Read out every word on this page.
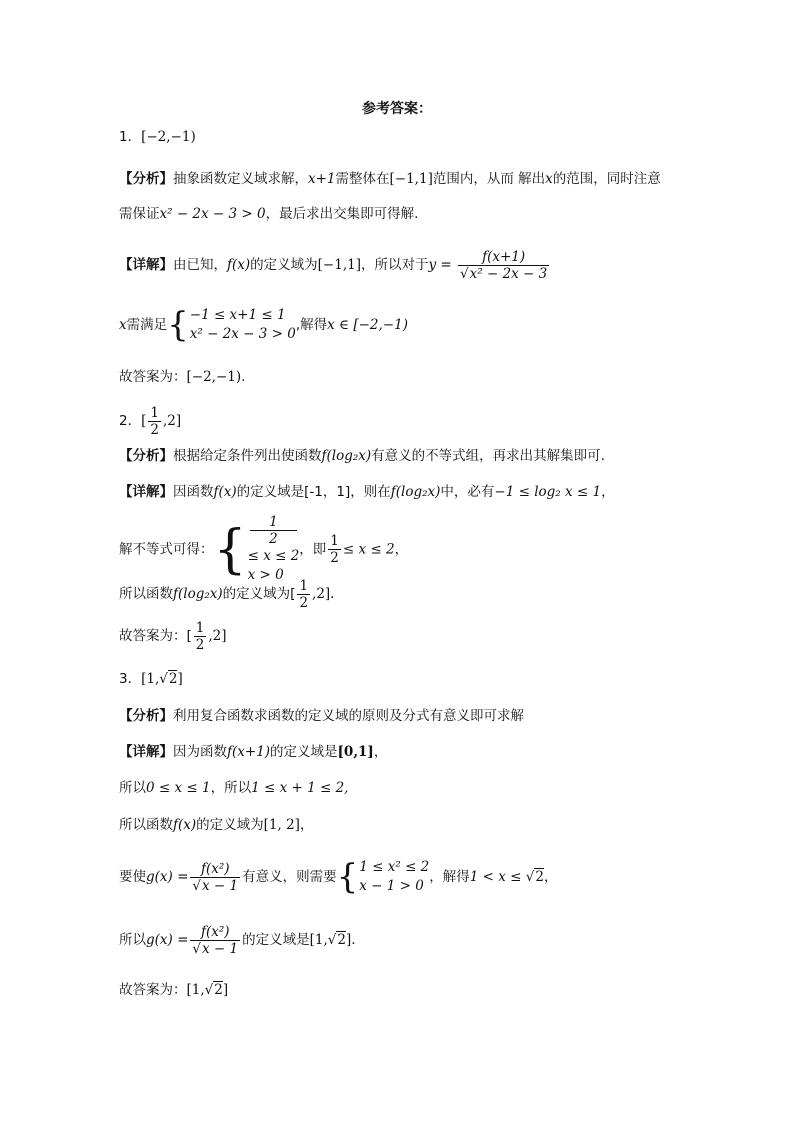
参考答案：
1．[−2,−1)
【分析】抽象函数定义域求解，x+1需整体在[−1,1]范围内，从而 解出x的范围，同时注意
需保证x² − 2x − 3 > 0，最后求出交集即可得解.
【详解】由已知，f(x)的定义域为[−1,1]，所以对于$y = \frac{f(x+1)}{\text{√x² − 2x − 3}}$
x需满足{ −1 ≤ x+1 ≤ 1
x² − 2x − 3 > 0
,解得x ∈ [−2,−1)
故答案为：[−2,−1).
2．[ $\frac{1}{2} ,2$]
【分析】根据给定条件列出使函数f(log₂x)有意义的不等式组，再求出其解集即可.
【详解】因函数f(x)的定义域是[-1，1]，则在f(log₂x)中，必有−1 ≤ log₂ x ≤ 1，
解不等式可得：{	1
2
≤ x ≤ 2
x > 0
，即 $\frac{1}{2} \le x \le 2$，
所以函数f(log₂x)的定义域为[ $\frac{1}{2} ,2$].
故答案为：[ $\frac{1}{2} ,2$]
3．[1,√2]
【分析】利用复合函数求函数的定义域的原则及分式有意义即可求解
【详解】因为函数f(x+1)的定义域是[0,1]，
所以0 ≤ x ≤ 1，所以1 ≤ x + 1 ≤ 2,
所以函数f(x)的定义域为[1, 2]，
要使$g(x) = \frac{\text{f(x²)}}{√x - 1}$ 有意义，则需要{ 1 ≤ x² ≤ 2
x − 1 > 0
，解得1 < x ≤ √2，
所以$g(x) = \frac{\text{f(x²)}}{√x - 1}$ 的定义域是[1,√2].
故答案为：[1,√2]
